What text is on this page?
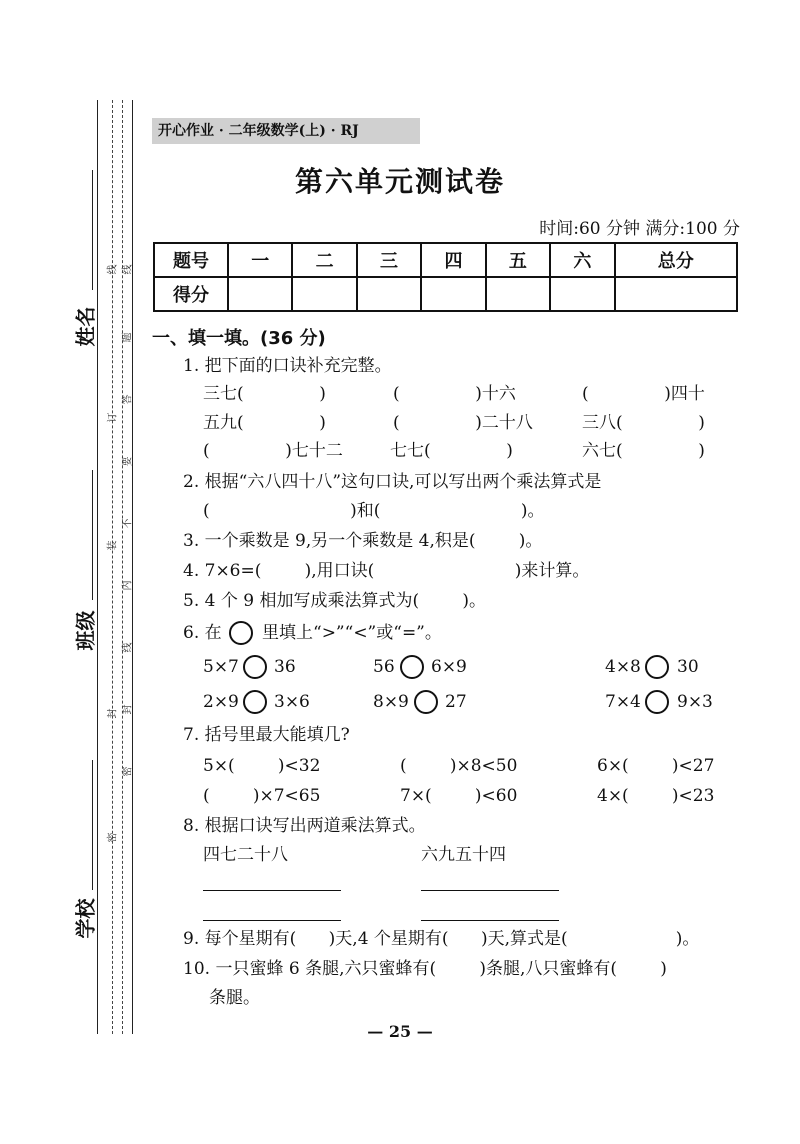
姓名
班级
学校
线
题
答
要
不
内
线
封
密
装
订
线
封
密
开心作业 · 二年级数学(上) · RJ
第六单元测试卷
时间:60 分钟 满分:100 分
题号	一	二	三	四	五	六	总分
得分							
一、填一填。(36 分)
1. 把下面的口诀补充完整。
三七(              )	(              )十六	(              )四十
五九(              )	(              )二十八	三八(              )
(              )七十二	七七(              )	六七(              )
2. 根据“六八四十八”这句口诀,可以写出两个乘法算式是
(                          )和(                          )。
3. 一个乘数是 9,另一个乘数是 4,积是(        )。
4. 7×6=(        ),用口诀(                          )来计算。
5. 4 个 9 相加写成乘法算式为(        )。
6. 在 里填上“>”“<”或“=”。
5×7 36	56 6×9	4×8 30
2×9 3×6	8×9 27	7×4 9×3
7. 括号里最大能填几?
5×(        )<32	(        )×8<50	6×(        )<27
(        )×7<65	7×(        )<60	4×(        )<23
8. 根据口诀写出两道乘法算式。
四七二十八	六九五十四
9. 每个星期有(      )天,4 个星期有(      )天,算式是(                    )。
10. 一只蜜蜂 6 条腿,六只蜜蜂有(        )条腿,八只蜜蜂有(        )
条腿。
— 25 —
